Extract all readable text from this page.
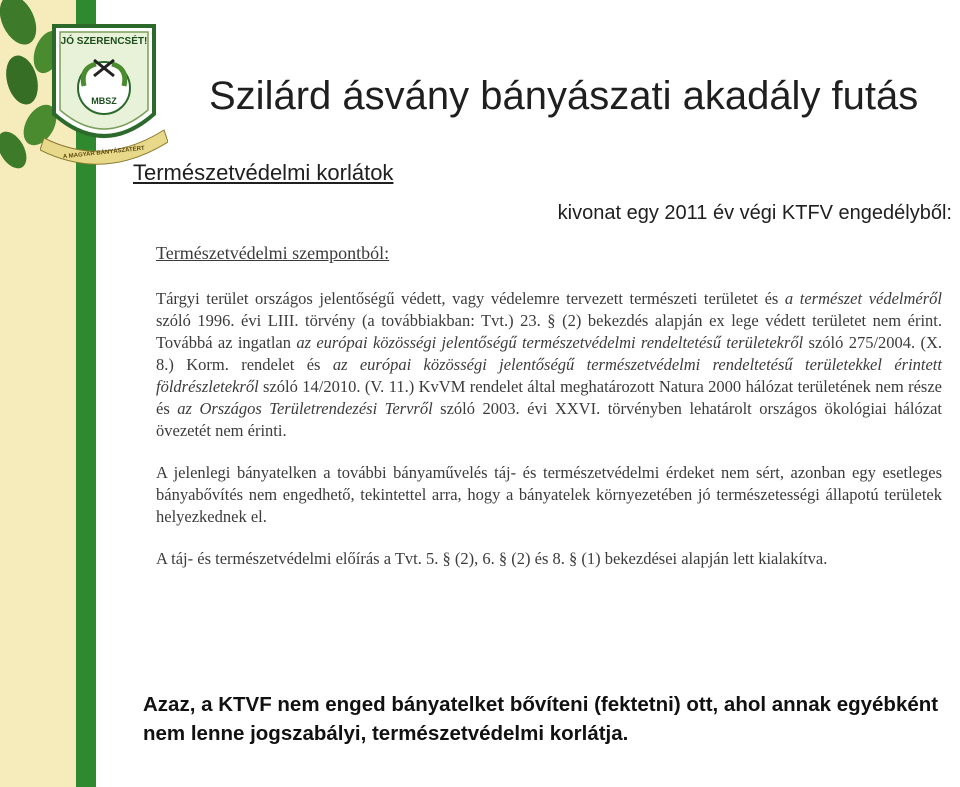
JÓ SZERENCSÉT!
MBSZ
A MAGYAR BÁNYÁSZATÉRT
Szilárd ásvány bányászati akadály futás
Természetvédelmi korlátok
kivonat egy 2011 év végi KTFV engedélyből:
Természetvédelmi szempontból:

Tárgyi terület országos jelentőségű védett, vagy védelemre tervezett természeti területet és a természet védelméről szóló 1996. évi LIII. törvény (a továbbiakban: Tvt.) 23. § (2) bekezdés alapján ex lege védett területet nem érint. Továbbá az ingatlan az európai közösségi jelentőségű természetvédelmi rendeltetésű területekről szóló 275/2004. (X. 8.) Korm. rendelet és az európai közösségi jelentőségű természetvédelmi rendeltetésű területekkel érintett földrészletekről szóló 14/2010. (V. 11.) KvVM rendelet által meghatározott Natura 2000 hálózat területének nem része és az Országos Területrendezési Tervről szóló 2003. évi XXVI. törvényben lehatárolt országos ökológiai hálózat övezetét nem érinti.

A jelenlegi bányatelken a további bányaművelés táj- és természetvédelmi érdeket nem sért, azonban egy esetleges bányabővítés nem engedhető, tekintettel arra, hogy a bányatelek környezetében jó természetességi állapotú területek helyezkednek el.

A táj- és természetvédelmi előírás a Tvt. 5. § (2), 6. § (2) és 8. § (1) bekezdései alapján lett kialakítva.

Azaz, a KTVF nem enged bányatelket bővíteni (fektetni) ott, ahol annak egyébként nem lenne jogszabályi, természetvédelmi korlátja.
